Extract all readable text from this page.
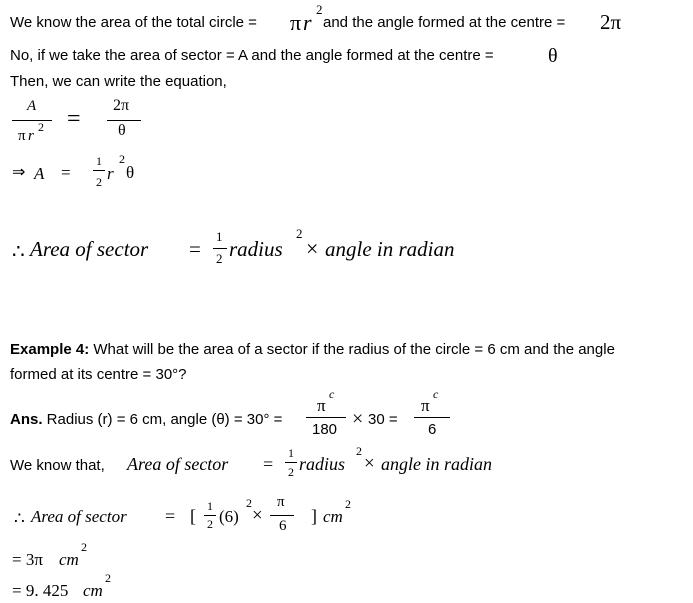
We know the area of the total circle = π r
2
and the angle formed at the centre = 2π
No, if we take the area of sector = A and the angle formed at the centre =	θ
Then, we can write the equation,
A
π r
2 =
2π
θ
⇒ A =
1
2 r
2
θ
∴ Area of sector =
1
2 radius
2
× angle in radian
Example 4: What will be the area of a sector if the radius of the circle = 6 cm and the angle
formed at its centre = 30°?
Ans. Radius (r) = 6 cm, angle (θ) = 30° =
π
c
180 × 30 =
π
c
6
We know that, Area of sector =
1
2 radius
2
× angle in radian
∴ Area of sector = [ 1
2 (6)
2
×
π
6 ] cm
2
= 3π cm
2
= 9. 425 cm
2
